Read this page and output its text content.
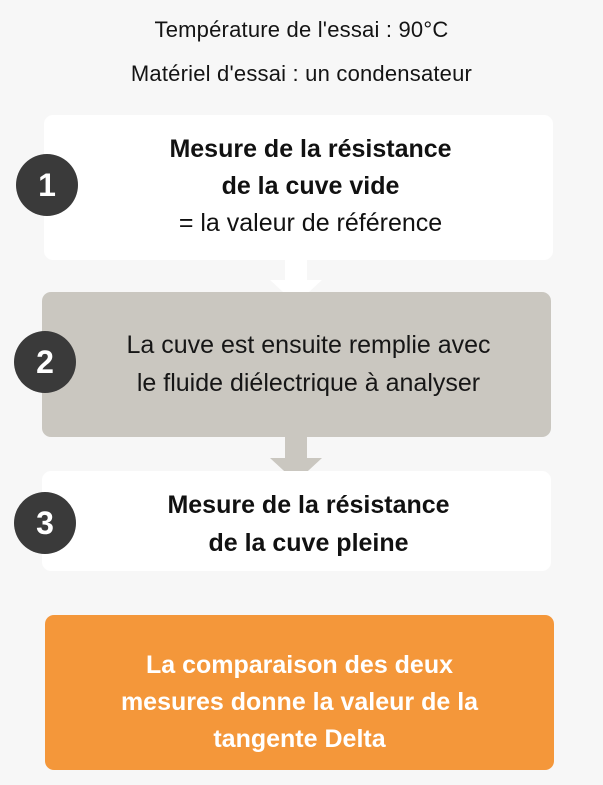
Température de l'essai : 90°C
Matériel d'essai : un condensateur
Mesure de la résistance
de la cuve vide
= la valeur de référence
1
La cuve est ensuite remplie avec
le fluide diélectrique à analyser
2
Mesure de la résistance
de la cuve pleine
3
La comparaison des deux
mesures donne la valeur de la
tangente Delta
